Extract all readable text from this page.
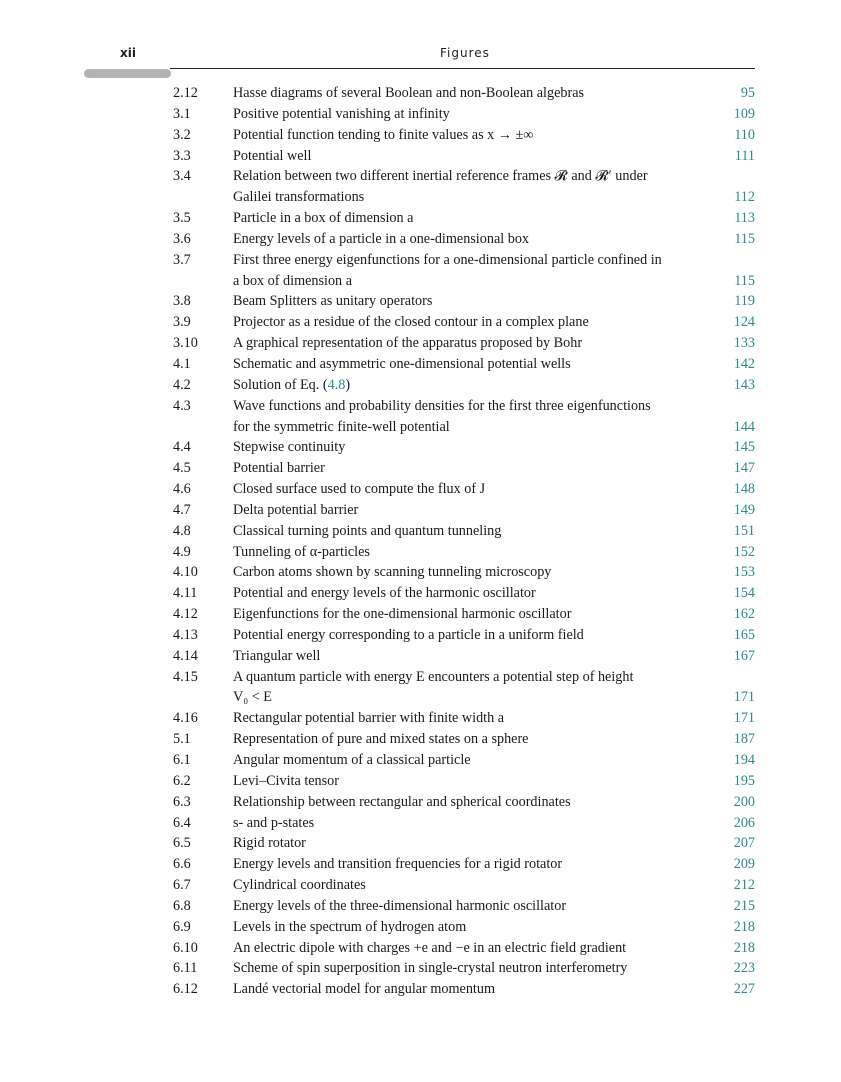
xii	Figures
2.12 Hasse diagrams of several Boolean and non-Boolean algebras	95
3.1	Positive potential vanishing at infinity	109
3.2	Potential function tending to finite values as x → ±∞	110
3.3	Potential well	111
3.4	Relation between two different inertial reference frames 𝓡 and 𝓡′ under
Galilei transformations	112
3.5	Particle in a box of dimension a	113
3.6	Energy levels of a particle in a one-dimensional box	115
3.7	First three energy eigenfunctions for a one-dimensional particle confined in
a box of dimension a	115
3.8	Beam Splitters as unitary operators	119
3.9	Projector as a residue of the closed contour in a complex plane	124
3.10 A graphical representation of the apparatus proposed by Bohr	133
4.1	Schematic and asymmetric one-dimensional potential wells	142
4.2	Solution of Eq. (4.8)	143
4.3	Wave functions and probability densities for the first three eigenfunctions
for the symmetric finite-well potential	144
4.4	Stepwise continuity	145
4.5	Potential barrier	147
4.6	Closed surface used to compute the flux of J	148
4.7	Delta potential barrier	149
4.8	Classical turning points and quantum tunneling	151
4.9	Tunneling of α-particles	152
4.10 Carbon atoms shown by scanning tunneling microscopy	153
4.11	Potential and energy levels of the harmonic oscillator	154
4.12 Eigenfunctions for the one-dimensional harmonic oscillator	162
4.13 Potential energy corresponding to a particle in a uniform field	165
4.14 Triangular well	167
4.15 A quantum particle with energy E encounters a potential step of height
V₀ < E	171
4.16 Rectangular potential barrier with finite width a	171
5.1	Representation of pure and mixed states on a sphere	187
6.1	Angular momentum of a classical particle	194
6.2	Levi–Civita tensor	195
6.3	Relationship between rectangular and spherical coordinates	200
6.4	s- and p-states	206
6.5	Rigid rotator	207
6.6	Energy levels and transition frequencies for a rigid rotator	209
6.7	Cylindrical coordinates	212
6.8	Energy levels of the three-dimensional harmonic oscillator	215
6.9	Levels in the spectrum of hydrogen atom	218
6.10 An electric dipole with charges +e and −e in an electric field gradient	218
6.11	Scheme of spin superposition in single-crystal neutron interferometry	223
6.12 Landé vectorial model for angular momentum	227
